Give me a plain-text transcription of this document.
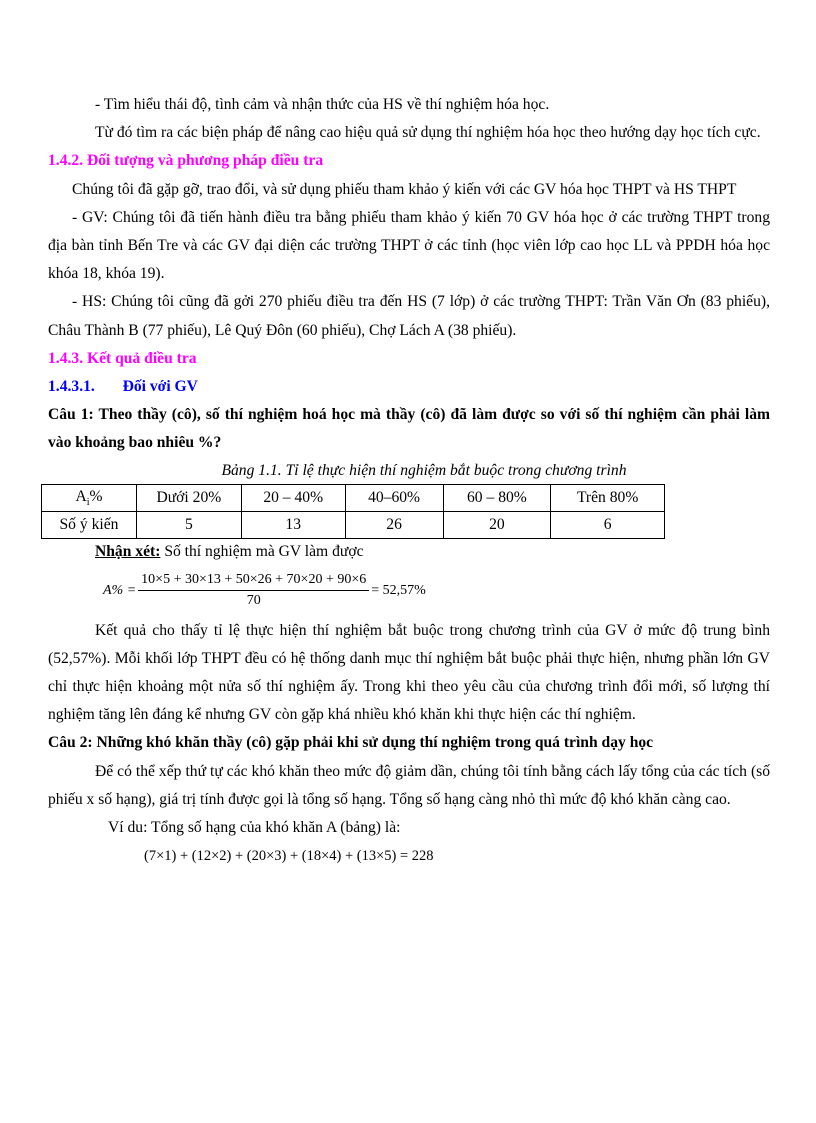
- Tìm hiểu thái độ, tình cảm và nhận thức của HS về thí nghiệm hóa học.

Từ đó tìm ra các biện pháp để nâng cao hiệu quả sử dụng thí nghiệm hóa học theo hướng dạy học tích cực.

1.4.2. Đối tượng và phương pháp điều tra

Chúng tôi đã gặp gỡ, trao đổi, và sử dụng phiếu tham khảo ý kiến với các GV hóa học THPT và HS THPT

- GV: Chúng tôi đã tiến hành điều tra bằng phiếu tham khảo ý kiến 70 GV hóa học ở các trường THPT trong địa bàn tỉnh Bến Tre và các GV đại diện các trường THPT ở các tỉnh (học viên lớp cao học LL và PPDH hóa học khóa 18, khóa 19).

- HS: Chúng tôi cũng đã gởi 270 phiếu điều tra đến HS (7 lớp) ở các trường THPT: Trần Văn Ơn (83 phiếu), Châu Thành B (77 phiếu), Lê Quý Đôn (60 phiếu), Chợ Lách A (38 phiếu).

1.4.3. Kết quả điều tra
1.4.3.1. Đối với GV

Câu 1: Theo thầy (cô), số thí nghiệm hoá học mà thầy (cô) đã làm được so với số thí nghiệm cần phải làm vào khoảng bao nhiêu %?

Bảng 1.1. Tỉ lệ thực hiện thí nghiệm bắt buộc trong chương trình
$A_i\%$	Dưới 20%	20 – 40%	40–60%	60 – 80%	Trên 80%
Số ý kiến	5	13	26	20	6
Nhận xét: Số thí nghiệm mà GV làm được
$A\% = \frac{10\times 5 + 30\times 13 + 50\times 26 + 70\times 20 + 90\times 6}{70} = 52,57\%$

Kết quả cho thấy tỉ lệ thực hiện thí nghiệm bắt buộc trong chương trình của GV ở mức độ trung bình (52,57%). Mỗi khối lớp THPT đều có hệ thống danh mục thí nghiệm bắt buộc phải thực hiện, nhưng phần lớn GV chỉ thực hiện khoảng một nửa số thí nghiệm ấy. Trong khi theo yêu cầu của chương trình đổi mới, số lượng thí nghiệm tăng lên đáng kể nhưng GV còn gặp khá nhiều khó khăn khi thực hiện các thí nghiệm.

Câu 2: Những khó khăn thầy (cô) gặp phải khi sử dụng thí nghiệm trong quá trình dạy học

Để có thể xếp thứ tự các khó khăn theo mức độ giảm dần, chúng tôi tính bằng cách lấy tổng của các tích (số phiếu x số hạng), giá trị tính được gọi là tổng số hạng. Tổng số hạng càng nhỏ thì mức độ khó khăn càng cao.

Ví du: Tổng số hạng của khó khăn A (bảng) là:
(7×1) + (12×2) + (20×3) + (18×4) + (13×5) = 228
